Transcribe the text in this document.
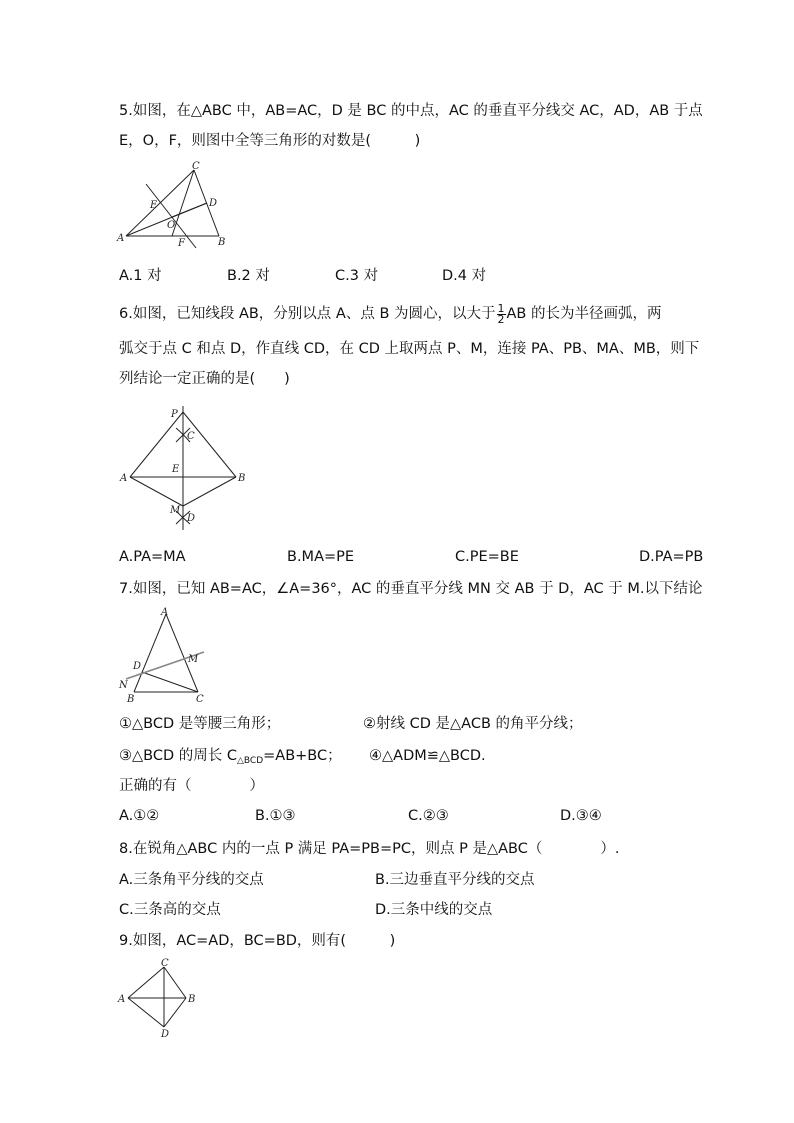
5.如图，在△ABC 中，AB=AC，D 是 BC 的中点，AC 的垂直平分线交 AC，AD，AB 于点
E，O，F，则图中全等三角形的对数是(　　　)
C
D
E
O
F
A	B
A.1 对	B.2 对	C.3 对	D.4 对
6.如图，已知线段 AB，分别以点 A、点 B 为圆心，以大于 $\frac{1}{2}$ AB 的长为半径画弧，两
弧交于点 C 和点 D，作直线 CD，在 CD 上取两点 P、M，连接 PA、PB、MA、MB，则下
列结论一定正确的是(　　)
P
C
A
E
B
M
D
A.PA=MA	B.MA=PE	C.PE=BE	D.PA=PB
7.如图，已知 AB=AC，∠A=36°，AC 的垂直平分线 MN 交 AB 于 D，AC 于 M.以下结论
A
M
D
N
B	C
①△BCD 是等腰三角形；	②射线 CD 是△ACB 的角平分线；
③△BCD 的周长 $C_{\triangle BCD}=AB+BC$； ④△ADM≌△BCD.
正确的有（　　　　）
A.①②	B.①③	C.②③	D.③④
8.在锐角△ABC 内的一点 P 满足 PA=PB=PC，则点 P 是△ABC（　　　　）.
A.三条角平分线的交点	B.三边垂直平分线的交点
C.三条高的交点	D.三条中线的交点
9.如图，AC=AD，BC=BD，则有(　　　)
C
A	B
D
